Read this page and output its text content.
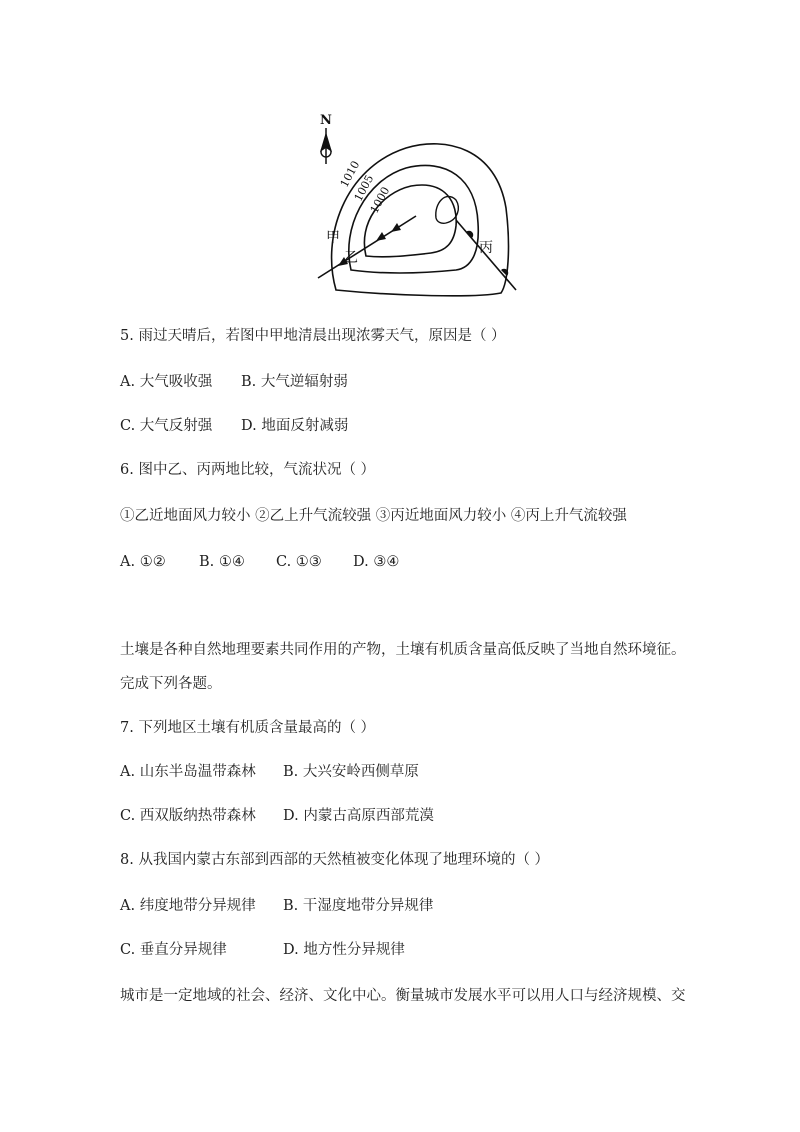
N
1010
1005
1000
甲
乙
丙
5. 雨过天晴后，若图中甲地清晨出现浓雾天气，原因是（ ）
A. 大气吸收强 B. 大气逆辐射弱
C. 大气反射强 D. 地面反射减弱
6. 图中乙、丙两地比较，气流状况（ ）
①乙近地面风力较小 ②乙上升气流较强 ③丙近地面风力较小 ④丙上升气流较强
A. ①② B. ①④ C. ①③ D. ③④
土壤是各种自然地理要素共同作用的产物，土壤有机质含量高低反映了当地自然环境征。
完成下列各题。
7. 下列地区土壤有机质含量最高的（ ）
A. 山东半岛温带森林 B. 大兴安岭西侧草原
C. 西双版纳热带森林 D. 内蒙古高原西部荒漠
8. 从我国内蒙古东部到西部的天然植被变化体现了地理环境的（ ）
A. 纬度地带分异规律 B. 干湿度地带分异规律
C. 垂直分异规律	D. 地方性分异规律
城市是一定地域的社会、经济、文化中心。衡量城市发展水平可以用人口与经济规模、交
